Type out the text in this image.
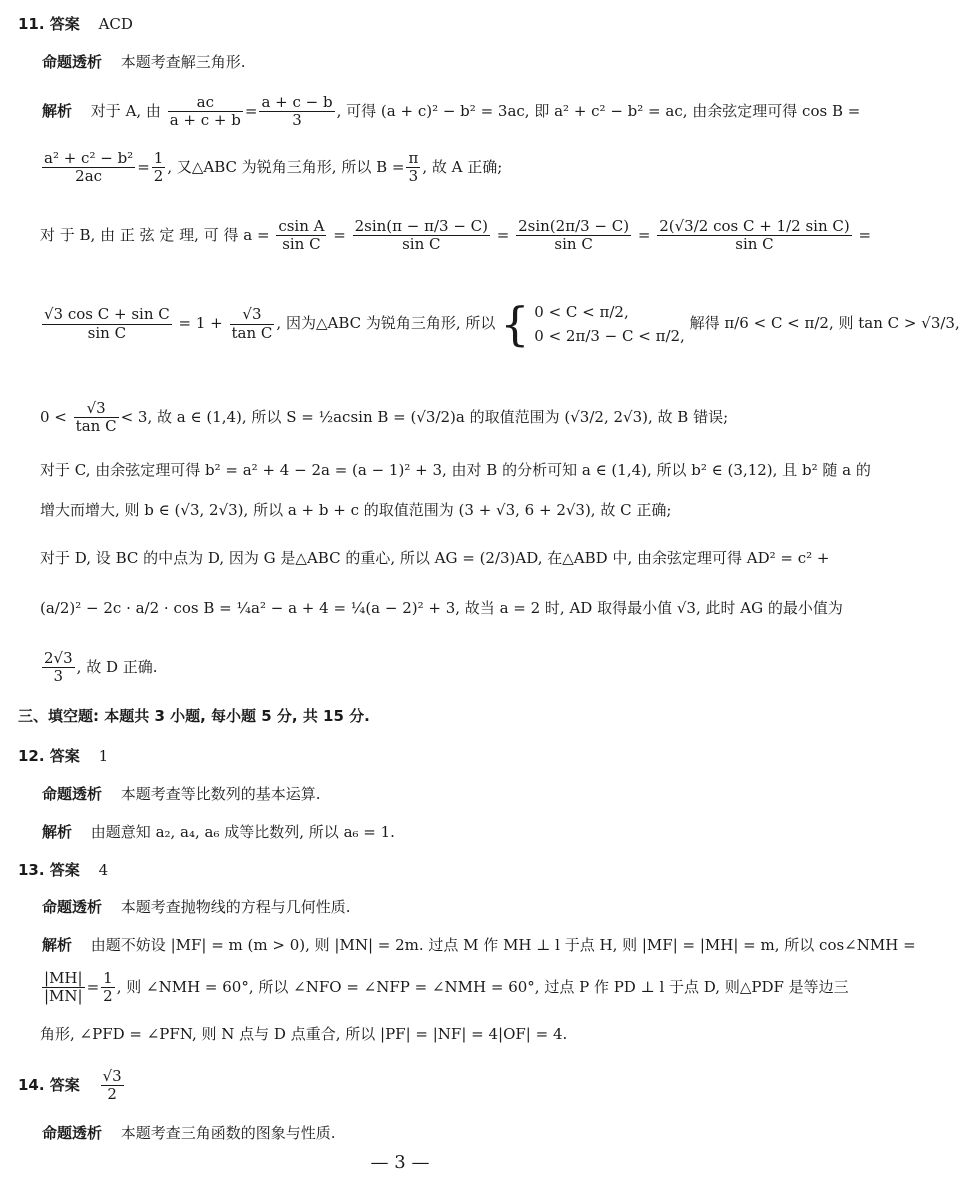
11. 答案 ACD
命题透析 本题考查解三角形.
解析 对于 A, 由 $\frac{ac}{a + c + b} = \frac{a + c - b}{3}$ , 可得 (a + c)² − b² = 3ac, 即 a² + c² − b² = ac, 由余弦定理可得 cos B =
$\frac{\text{a² + c² − b²}}{2ac} = \frac{1}{2}$ , 又△ABC 为锐角三角形, 所以 $B = \frac{\pi}{3}$ , 故 A 正确;
对 于 B, 由 正 弦 定 理, 可 得 $a = \frac{\text{csin A}}{\text{sin C}} = \frac{2\sin(\pi - \pi/3 - C)}{\text{sin C}} = \frac{2\sin(2\pi/3 - C)}{\text{sin C}} = \frac{\text{2(√3/2 cos C + 1/2 sin C)}}{\text{sin C}}$ =
$\frac{\text{√3 cos C + sin C}}{\text{sin C}} = 1 + \frac{√3}{\text{tan C}}$ , 因为△ABC 为锐角三角形, 所以 { 0 < C < π/2,
0 < 2π/3 − C < π/2,
解得 π/6 < C < π/2, 则 tan C > √3/3,
$0 < \frac{√3}{\text{tan C}} < 3$, 故 a ∈ (1,4), 所以 S = ½acsin B = (√3/2)a 的取值范围为 (√3/2, 2√3), 故 B 错误;
对于 C, 由余弦定理可得 b² = a² + 4 − 2a = (a − 1)² + 3, 由对 B 的分析可知 a ∈ (1,4), 所以 b² ∈ (3,12), 且 b² 随 a 的
增大而增大, 则 b ∈ (√3, 2√3), 所以 a + b + c 的取值范围为 (3 + √3, 6 + 2√3), 故 C 正确;
对于 D, 设 BC 的中点为 D, 因为 G 是△ABC 的重心, 所以 AG = (2/3)AD, 在△ABD 中, 由余弦定理可得 AD² = c² +
(a/2)² − 2c · a/2 · cos B = ¼a² − a + 4 = ¼(a − 2)² + 3, 故当 a = 2 时, AD 取得最小值 √3, 此时 AG 的最小值为
$\frac{2√3}{3}$ , 故 D 正确.
三、填空题: 本题共 3 小题, 每小题 5 分, 共 15 分.
12. 答案 1
命题透析 本题考查等比数列的基本运算.
解析 由题意知 a₂, a₄, a₆ 成等比数列, 所以 a₆ = 1.
13. 答案 4
命题透析 本题考查抛物线的方程与几何性质.
解析 由题不妨设 |MF| = m (m > 0), 则 |MN| = 2m. 过点 M 作 MH ⊥ l 于点 H, 则 |MF| = |MH| = m, 所以 cos∠NMH =
$\frac{|MH|}{|MN|} = \frac{1}{2}$ , 则 ∠NMH = 60°, 所以 ∠NFO = ∠NFP = ∠NMH = 60°, 过点 P 作 PD ⊥ l 于点 D, 则△PDF 是等边三
角形, ∠PFD = ∠PFN, 则 N 点与 D 点重合, 所以 |PF| = |NF| = 4|OF| = 4.
14. 答案 $\frac{√3}{2}$
命题透析 本题考查三角函数的图象与性质.
— 3 —
